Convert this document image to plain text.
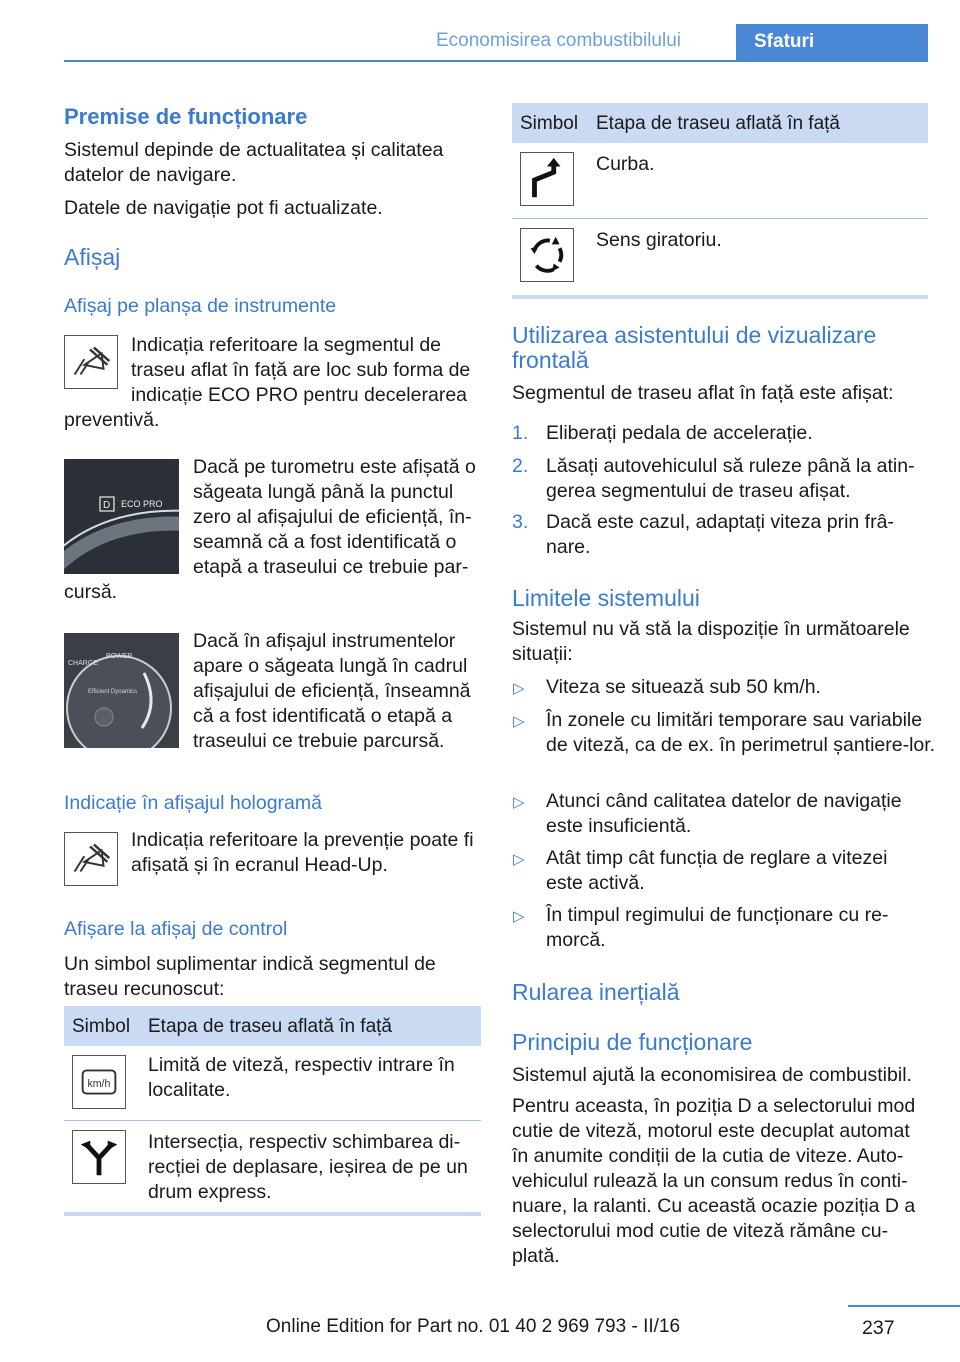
Economisirea combustibilului	Sfaturi
Premise de funcționare

Sistemul depinde de actualitatea și calitatea datelor de navigare.

Datele de navigație pot fi actualizate.

Afișaj
Afișaj pe planșa de instrumente

Indicația referitoare la segmentul de traseu aflat în față are loc sub forma de indicație ECO PRO pentru decelerarea

preventivă.

D ECO PRO

Dacă pe turometru este afișată o săgeata lungă până la punctul zero al afișajului de eficiență, în-seamnă că a fost identificată o etapă a traseului ce trebuie par-

cursă.

CHARGE
POWER
Efficient Dynamics

Dacă în afișajul instrumentelor apare o săgeata lungă în cadrul afișajului de eficiență, înseamnă că a fost identificată o etapă a traseului ce trebuie parcursă.

Indicație în afișajul hologramă

Indicația referitoare la prevenție poate fi afișată și în ecranul Head-Up.

Afișare la afișaj de control

Un simbol suplimentar indică segmentul de traseu recunoscut:

Simbol Etapa de traseu aflată în față
km/h

Limită de viteză, respectiv intrare în localitate.

Intersecția, respectiv schimbarea di-recției de deplasare, ieșirea de pe un drum express.

Simbol Etapa de traseu aflată în față

Curba.

Sens giratoriu.

Utilizarea asistentului de vizualizare frontală

Segmentul de traseu aflat în față este afișat:

1. Eliberați pedala de accelerație.

2. Lăsați autovehiculul să ruleze până la atin-gerea segmentului de traseu afișat.

3. Dacă este cazul, adaptați viteza prin frâ-nare.

Limitele sistemului

Sistemul nu vă stă la dispoziție în următoarele situații:

▷ Viteza se situează sub 50 km/h.

▷ În zonele cu limitări temporare sau variabile de viteză, ca de ex. în perimetrul șantiere-lor.

▷ Atunci când calitatea datelor de navigație este insuficientă.

▷ Atât timp cât funcția de reglare a vitezei este activă.

▷ În timpul regimului de funcționare cu re-morcă.

Rularea inerțială
Principiu de funcționare

Sistemul ajută la economisirea de combustibil.

Pentru aceasta, în poziția D a selectorului mod cutie de viteză, motorul este decuplat automat în anumite condiții de la cutia de viteze. Auto-vehiculul rulează la un consum redus în conti-nuare, la ralanti. Cu această ocazie poziția D a selectorului mod cutie de viteză rămâne cu-plată.

237
Online Edition for Part no. 01 40 2 969 793 - II/16
